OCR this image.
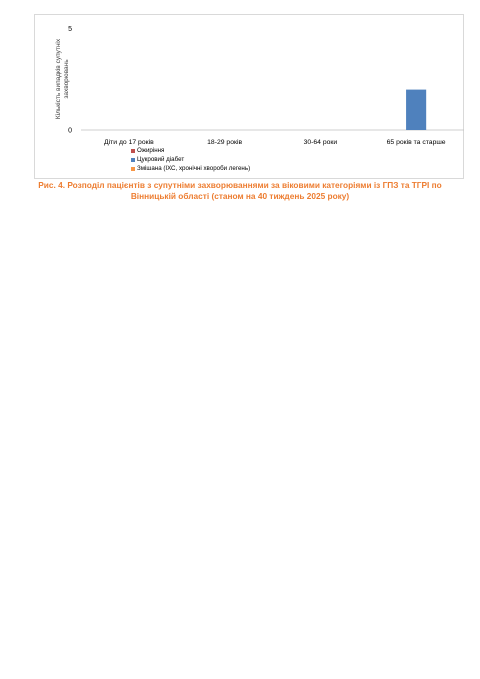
Кількість випадків супутніхзахворювань
5
0
Діти до 17 років	18-29 років	30-64 роки	65 років та старше
Ожиріння
Цукровий діабет
Змішана (ІХС, хронічні хвороби легень)
Рис. 4. Розподіл пацієнтів з супутніми захворюваннями за віковими категоріями із ГПЗ та ТГРІ по
Вінницькій області (станом на 40 тиждень 2025 року)
